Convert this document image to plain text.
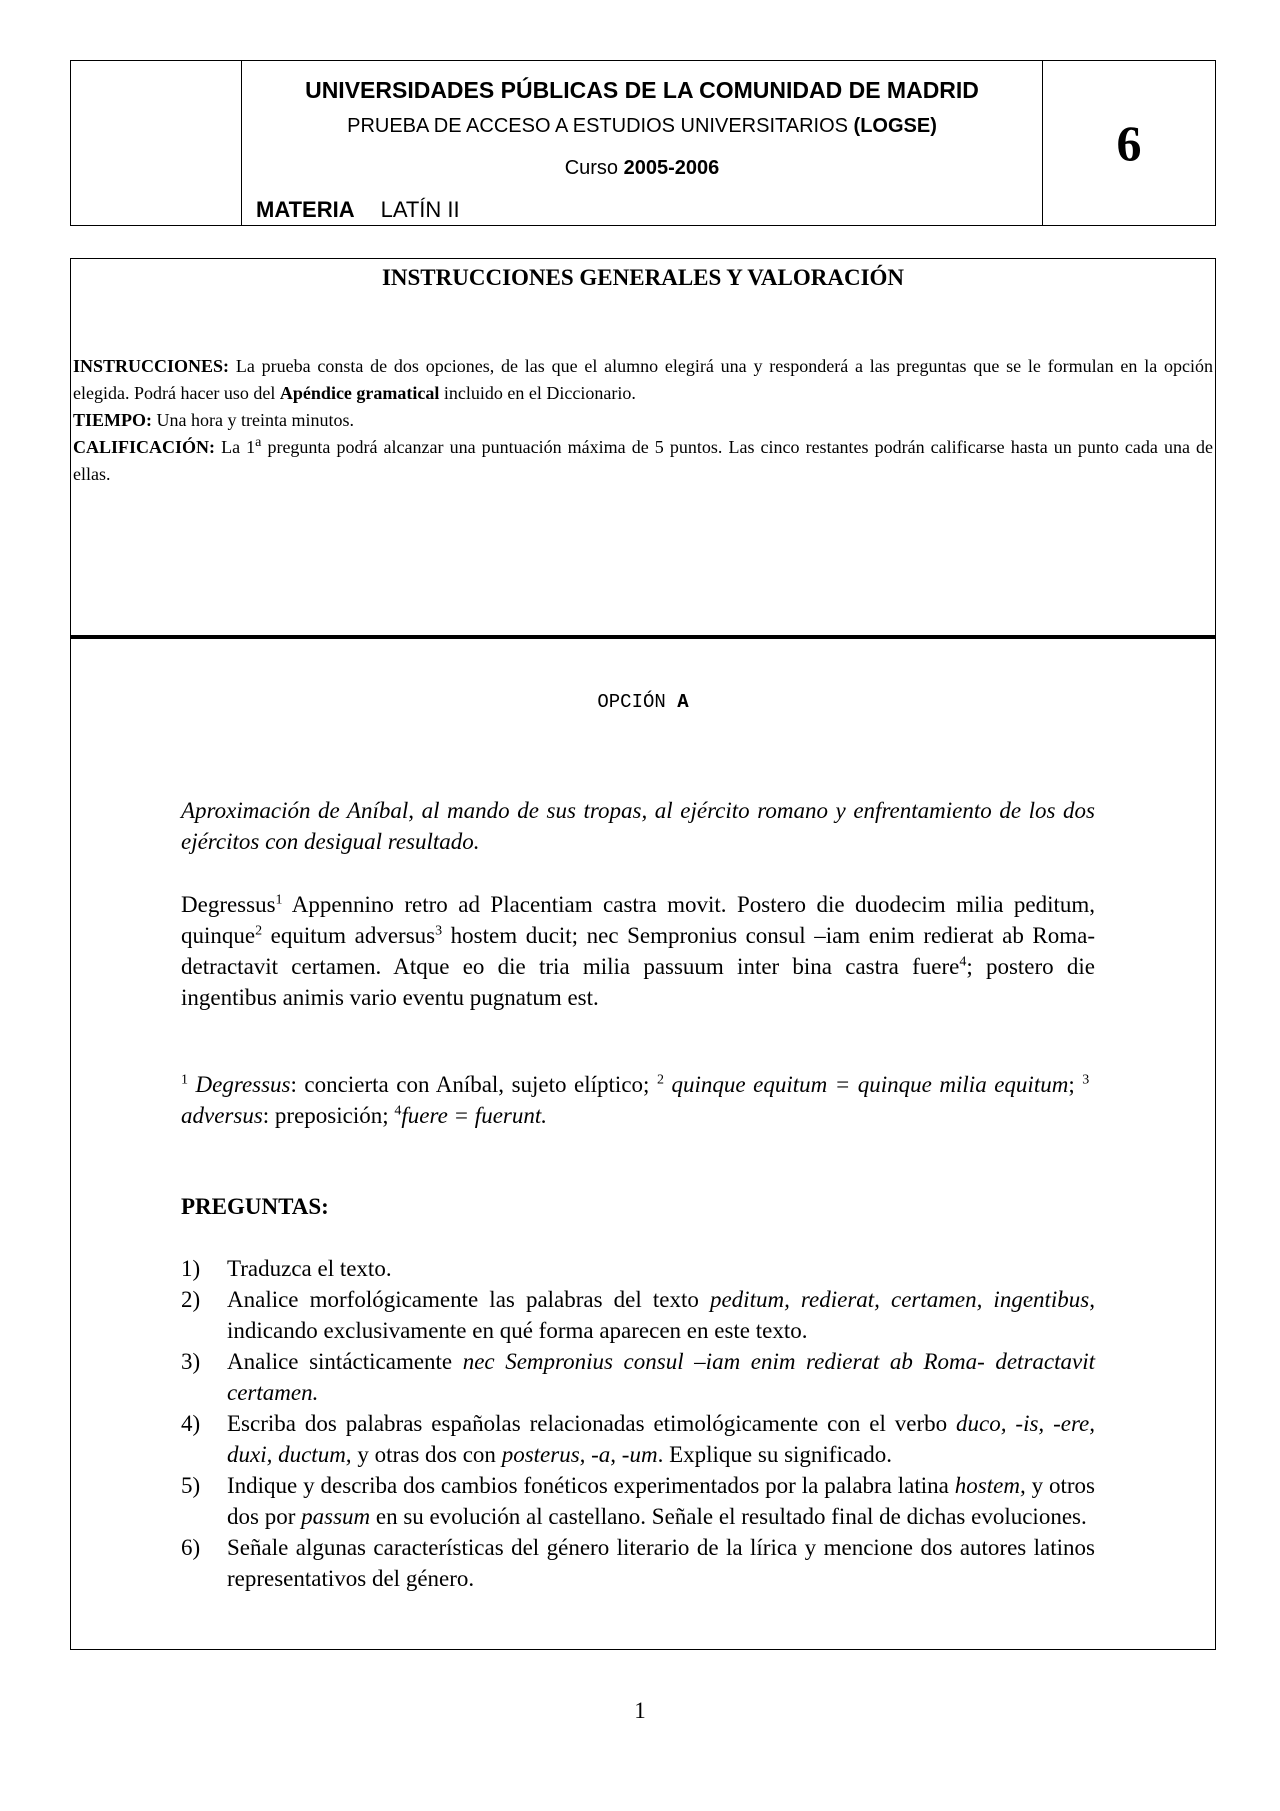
UNIVERSIDADES PÚBLICAS DE LA COMUNIDAD DE MADRID
PRUEBA DE ACCESO A ESTUDIOS UNIVERSITARIOS (LOGSE)
Curso 2005-2006
MATERIA LATÍN II
6
INSTRUCCIONES GENERALES Y VALORACIÓN

INSTRUCCIONES: La prueba consta de dos opciones, de las que el alumno elegirá una y responderá a las preguntas que se le formulan en la opción elegida. Podrá hacer uso del Apéndice gramatical incluido en el Diccionario.

TIEMPO: Una hora y treinta minutos.

CALIFICACIÓN: La 1$^a$ pregunta podrá alcanzar una puntuación máxima de 5 puntos. Las cinco restantes podrán calificarse hasta un punto cada una de ellas.

OPCIÓN A
Aproximación de Aníbal, al mando de sus tropas, al ejército romano y enfrentamiento de los dos ejércitos con desigual resultado.
Degressus$^1$ Appennino retro ad Placentiam castra movit. Postero die duodecim milia peditum, quinque$^2$ equitum adversus$^3$ hostem ducit; nec Sempronius consul –iam enim redierat ab Roma- detractavit certamen. Atque eo die tria milia passuum inter bina castra fuere$^4$; postero die ingentibus animis vario eventu pugnatum est.
$^1$ Degressus: concierta con Aníbal, sujeto elíptico; $^2$ quinque equitum = quinque milia equitum; $^3$  adversus: preposición; $^4$fuere = fuerunt.
PREGUNTAS:
1)	Traduzca el texto.
2)	Analice morfológicamente las palabras del texto peditum, redierat, certamen, ingentibus, indicando exclusivamente en qué forma aparecen en este texto.
3)	Analice sintácticamente nec Sempronius consul –iam enim redierat ab Roma- detractavit certamen.
4)	Escriba dos palabras españolas relacionadas etimológicamente con el verbo duco, -is, -ere, duxi, ductum, y otras dos con posterus, -a, -um. Explique su significado.
5)	Indique y describa dos cambios fonéticos experimentados por la palabra latina hostem, y otros dos por passum en su evolución al castellano. Señale el resultado final de dichas evoluciones.
6)	Señale algunas características del género literario de la lírica y mencione dos autores latinos representativos del género.
1
